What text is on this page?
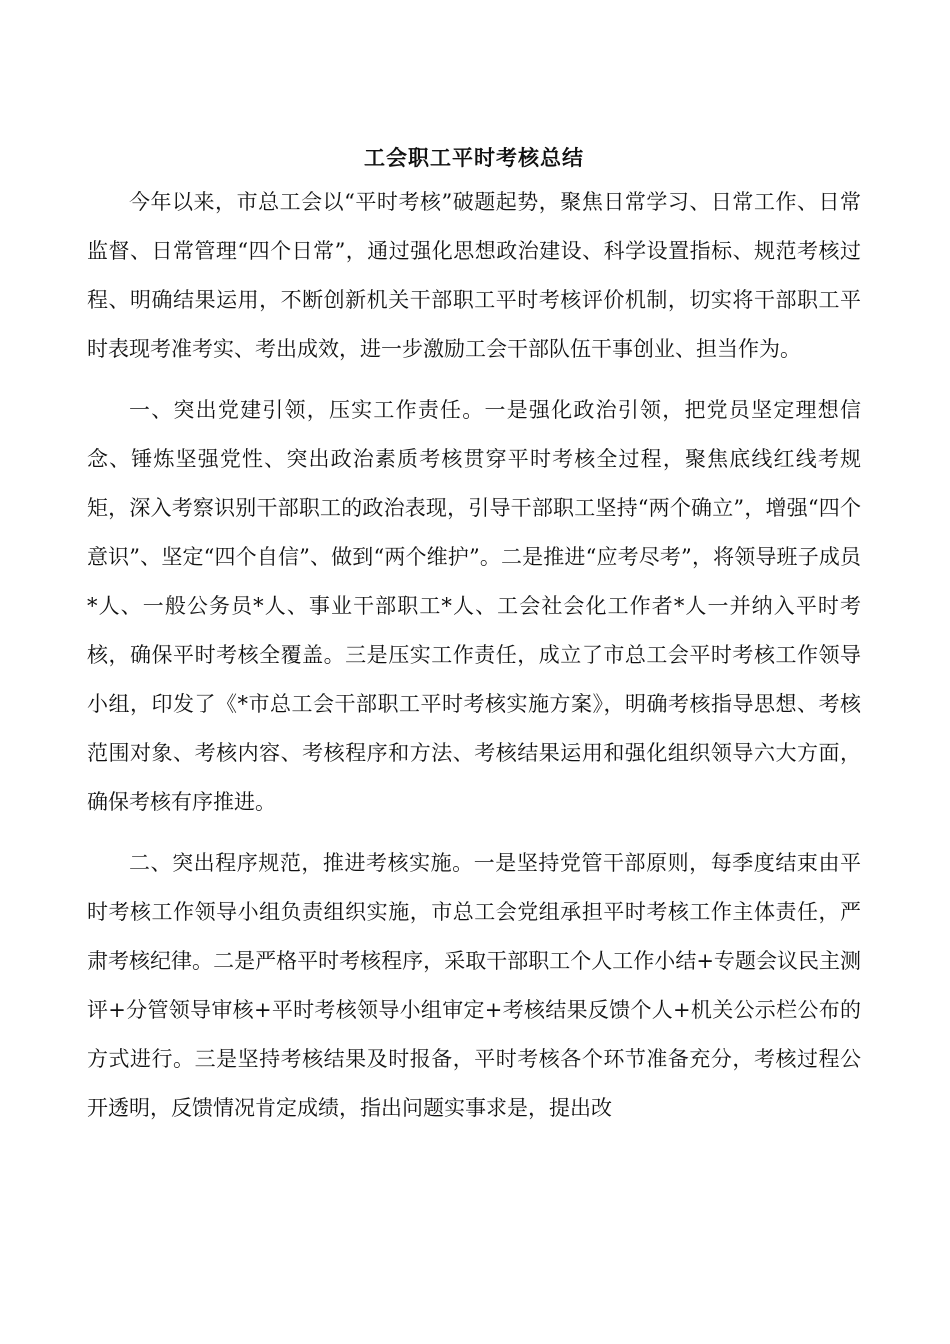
工会职工平时考核总结

今年以来，市总工会以“平时考核”破题起势，聚焦日常学习、日常工作、日常监督、日常管理“四个日常”，通过强化思想政治建设、科学设置指标、规范考核过程、明确结果运用，不断创新机关干部职工平时考核评价机制，切实将干部职工平时表现考准考实、考出成效，进一步激励工会干部队伍干事创业、担当作为。

一、突出党建引领，压实工作责任。一是强化政治引领，把党员坚定理想信念、锤炼坚强党性、突出政治素质考核贯穿平时考核全过程，聚焦底线红线考规矩，深入考察识别干部职工的政治表现，引导干部职工坚持“两个确立”，增强“四个意识”、坚定“四个自信”、做到“两个维护”。二是推进“应考尽考”，将领导班子成员*人、一般公务员*人、事业干部职工*人、工会社会化工作者*人一并纳入平时考核，确保平时考核全覆盖。三是压实工作责任，成立了市总工会平时考核工作领导小组，印发了《*市总工会干部职工平时考核实施方案》，明确考核指导思想、考核范围对象、考核内容、考核程序和方法、考核结果运用和强化组织领导六大方面，确保考核有序推进。

二、突出程序规范，推进考核实施。一是坚持党管干部原则，每季度结束由平时考核工作领导小组负责组织实施，市总工会党组承担平时考核工作主体责任，严肃考核纪律。二是严格平时考核程序，采取干部职工个人工作小结+专题会议民主测评+分管领导审核+平时考核领导小组审定+考核结果反馈个人+机关公示栏公布的方式进行。三是坚持考核结果及时报备，平时考核各个环节准备充分，考核过程公开透明，反馈情况肯定成绩，指出问题实事求是，提出改
